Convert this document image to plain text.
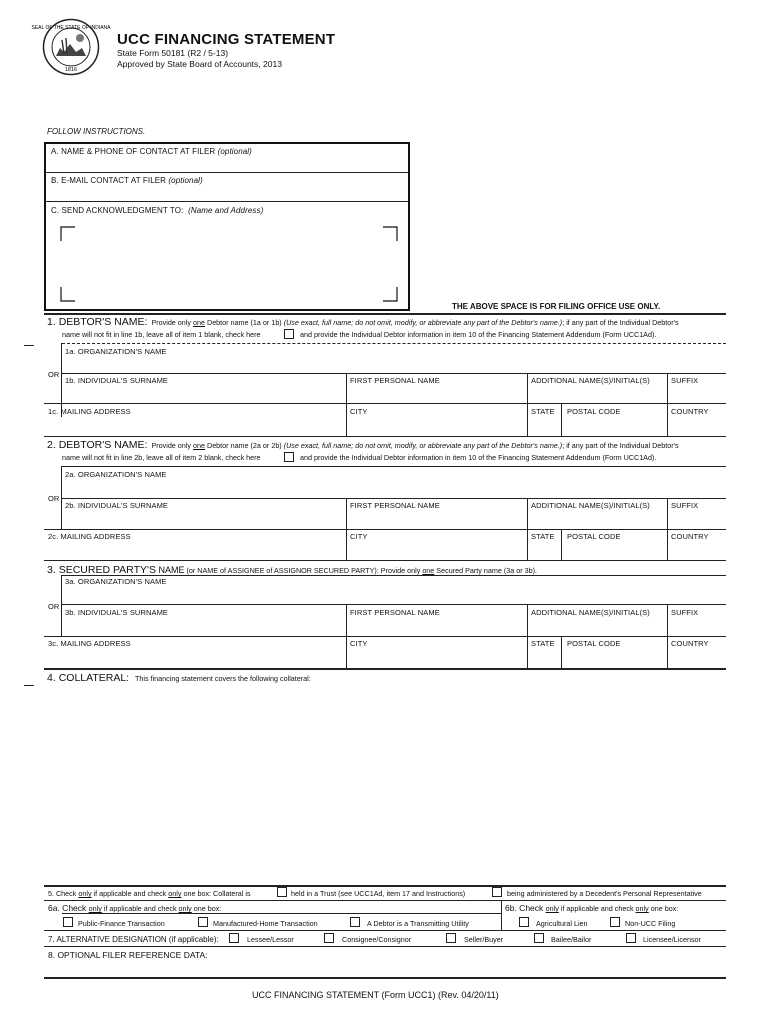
SEAL OF THE STATE OF INDIANA
1816
UCC FINANCING STATEMENT
State Form 50181 (R2 / 5-13)
Approved by State Board of Accounts, 2013
FOLLOW INSTRUCTIONS.
A. NAME & PHONE OF CONTACT AT FILER (optional)
B. E-MAIL CONTACT AT FILER (optional)
C. SEND ACKNOWLEDGMENT TO: (Name and Address)
THE ABOVE SPACE IS FOR FILING OFFICE USE ONLY.
1. DEBTOR'S NAME: Provide only one Debtor name (1a or 1b) (Use exact, full name; do not omit, modify, or abbreviate any part of the Debtor's name.); if any part of the Individual Debtor's
name will not fit in line 1b, leave all of item 1 blank, check here	and provide the Individual Debtor information in item 10 of the Financing Statement Addendum (Form UCC1Ad).
1a. ORGANIZATION'S NAME
OR
1b. INDIVIDUAL'S SURNAME	FIRST PERSONAL NAME	ADDITIONAL NAME(S)/INITIAL(S)	SUFFIX
1c. MAILING ADDRESS	CITY	STATE POSTAL CODE	COUNTRY
2. DEBTOR'S NAME: Provide only one Debtor name (2a or 2b) (Use exact, full name; do not omit, modify, or abbreviate any part of the Debtor's name.); if any part of the Individual Debtor's
name will not fit in line 2b, leave all of item 2 blank, check here	and provide the Individual Debtor information in item 10 of the Financing Statement Addendum (Form UCC1Ad).
2a. ORGANIZATION'S NAME
OR
2b. INDIVIDUAL'S SURNAME	FIRST PERSONAL NAME	ADDITIONAL NAME(S)/INITIAL(S)	SUFFIX
2c. MAILING ADDRESS	CITY	STATE POSTAL CODE	COUNTRY
3. SECURED PARTY'S NAME (or NAME of ASSIGNEE of ASSIGNOR SECURED PARTY): Provide only one Secured Party name (3a or 3b).
3a. ORGANIZATION'S NAME
OR
3b. INDIVIDUAL'S SURNAME	FIRST PERSONAL NAME	ADDITIONAL NAME(S)/INITIAL(S)	SUFFIX
3c. MAILING ADDRESS	CITY	STATE POSTAL CODE	COUNTRY
4. COLLATERAL: This financing statement covers the following collateral:
5. Check only if applicable and check only one box: Collateral is	held in a Trust (see UCC1Ad, item 17 and Instructions)	being administered by a Decedent's Personal Representative
6a. Check only if applicable and check only one box:	6b. Check only if applicable and check only one box:
Public-Finance Transaction	Manufactured-Home Transaction	A Debtor is a Transmitting Utility	Agricultural Lien	Non-UCC Filing
7. ALTERNATIVE DESIGNATION (if applicable):	Lessee/Lessor	Consignee/Consignor	Seller/Buyer	Bailee/Bailor	Licensee/Licensor
8. OPTIONAL FILER REFERENCE DATA:
UCC FINANCING STATEMENT (Form UCC1) (Rev. 04/20/11)
